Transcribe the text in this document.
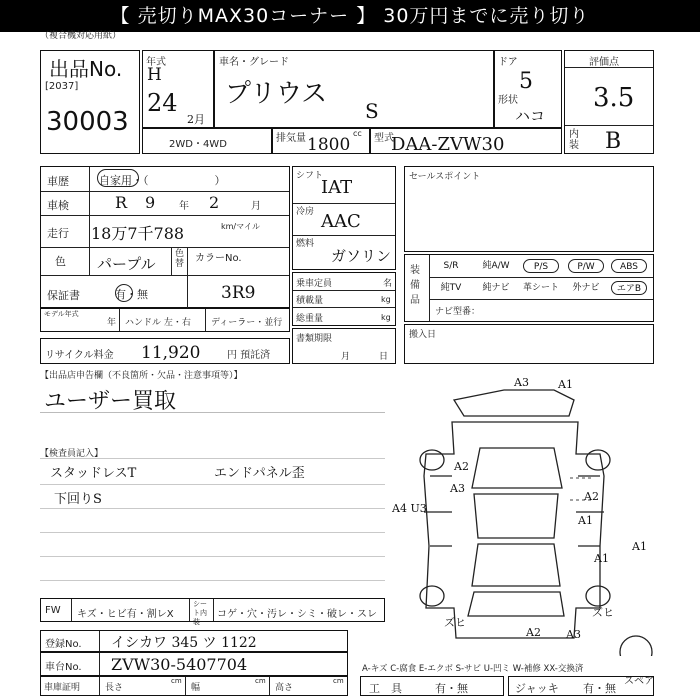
【 売切りMAX30コーナー 】 30万円までに売り切り
（複合機対応用紙）
出品No.
[2037]
30003
年式
H
24
2月
車名・グレード
プリウス
S
ドア
5
形状
ハコ
評価点
3.5
内装 B
2WD・4WD
排気量 1800
cc 型式
DAA-ZVW30
車歴	自家用・（　　　　　　）
車検	R 9 年 2	月
走行 18万7千788	km/マイル
色 パープル
色替 カラーNo.
保証書	有・無	3R9
モデル年式
年 ハンドル 左・右 ディーラー・並行
リサイクル料金 11,920	円 預託済
シフト
IAT
冷房 AAC
燃料
ガソリン
乗車定員	名
積載量	kg
総重量	kg
書類期限
月	日
セールスポイント
装備品
S/R	純A/W	P/S	P/W	ABS
純TV	純ナビ	革シート	外ナビ	エアB
ナビ型番：
搬入日
【出品店申告欄（不良箇所・欠品・注意事項等）】
ユーザー買取
【検査員記入】
スタッドレスT	エンドパネル歪
下回りS
A3	A1
A2
A3
A2
A1
A4 U3
A1
A1
A2 A3
ズヒ
ズヒ
スペア
FW キズ・ヒビ有・割レX
シート内装
コゲ・穴・汚レ・シミ・破レ・スレ
登録No. イシカワ 345 ツ 1122
車台No. ZVW30-5407704	A-キズ C-腐食 E-エクボ S-サビ U-凹ミ W-補修 XX-交換済
車庫証明	長さ
cm
幅
cm
高さ
cm
工　具	有・無	ジャッキ 有・無
